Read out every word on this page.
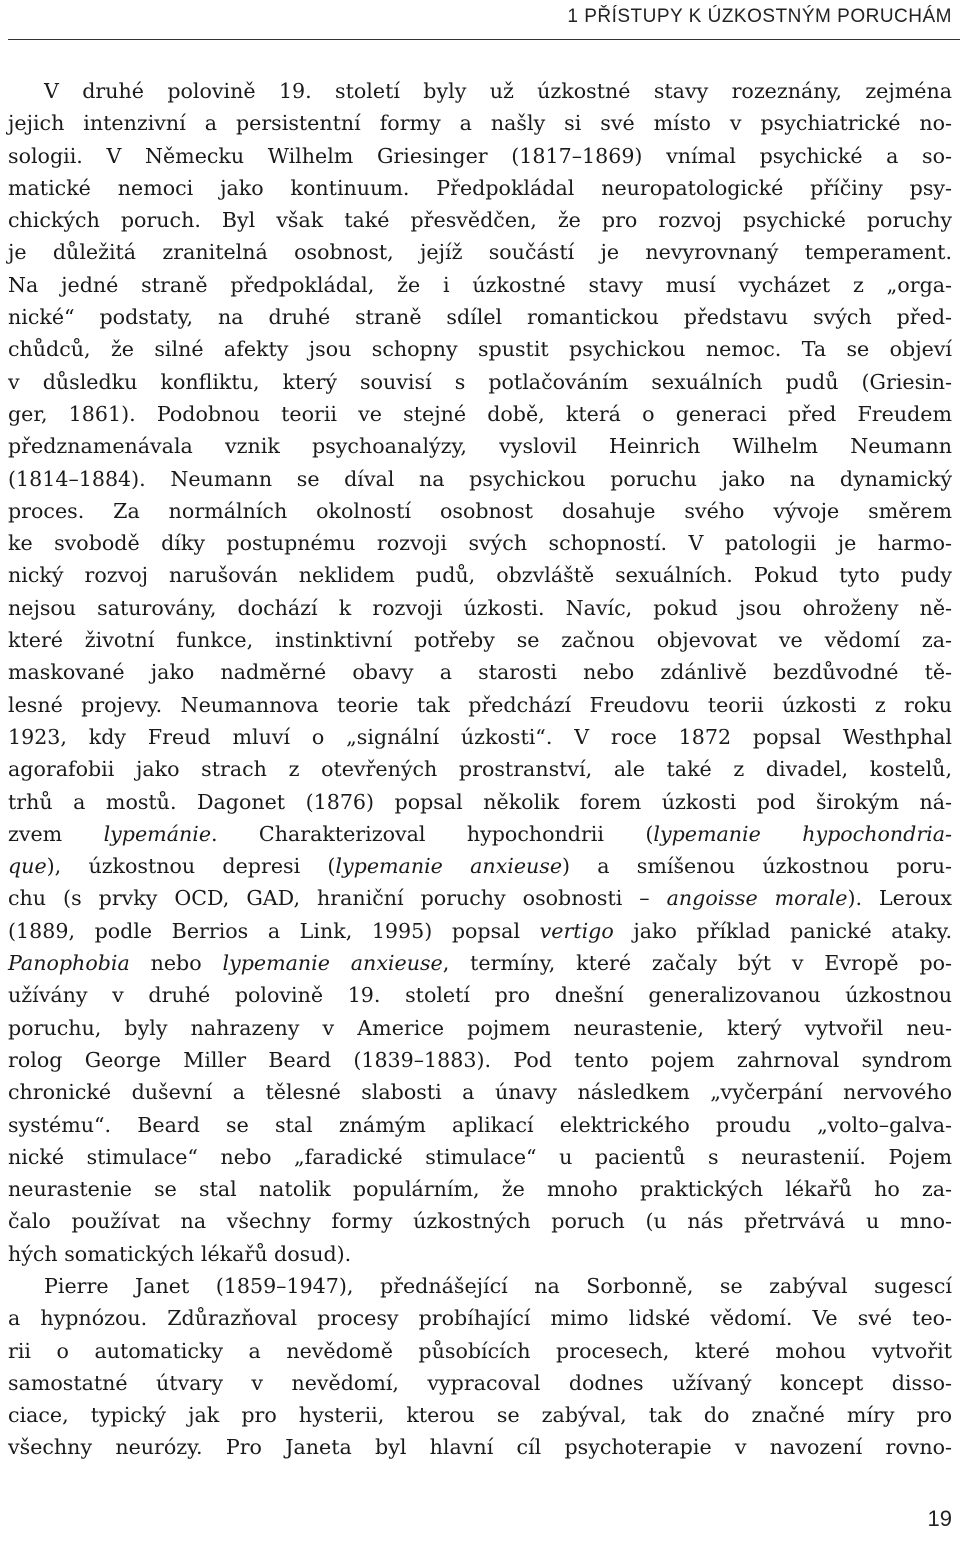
1 PŘÍSTUPY K ÚZKOSTNÝM PORUCHÁM
V druhé polovině 19. století byly už úzkostné stavy rozeznány, zejména
jejich intenzivní a persistentní formy a našly si své místo v psychiatrické no-
sologii. V Německu Wilhelm Griesinger (1817–1869) vnímal psychické a so-
matické nemoci jako kontinuum. Předpokládal neuropatologické příčiny psy-
chických poruch. Byl však také přesvědčen, že pro rozvoj psychické poruchy
je důležitá zranitelná osobnost, jejíž součástí je nevyrovnaný temperament.
Na jedné straně předpokládal, že i úzkostné stavy musí vycházet z „orga-
nické“ podstaty, na druhé straně sdílel romantickou představu svých před-
chůdců, že silné afekty jsou schopny spustit psychickou nemoc. Ta se objeví
v důsledku konfliktu, který souvisí s potlačováním sexuálních pudů (Griesin-
ger, 1861). Podobnou teorii ve stejné době, která o generaci před Freudem
předznamenávala vznik psychoanalýzy, vyslovil Heinrich Wilhelm Neumann
(1814–1884). Neumann se díval na psychickou poruchu jako na dynamický
proces. Za normálních okolností osobnost dosahuje svého vývoje směrem
ke svobodě díky postupnému rozvoji svých schopností. V patologii je harmo-
nický rozvoj narušován neklidem pudů, obzvláště sexuálních. Pokud tyto pudy
nejsou saturovány, dochází k rozvoji úzkosti. Navíc, pokud jsou ohroženy ně-
které životní funkce, instinktivní potřeby se začnou objevovat ve vědomí za-
maskované jako nadměrné obavy a starosti nebo zdánlivě bezdůvodné tě-
lesné projevy. Neumannova teorie tak předchází Freudovu teorii úzkosti z roku
1923, kdy Freud mluví o „signální úzkosti“. V roce 1872 popsal Westhphal
agorafobii jako strach z otevřených prostranství, ale také z divadel, kostelů,
trhů a mostů. Dagonet (1876) popsal několik forem úzkosti pod širokým ná-
zvem lypemánie. Charakterizoval hypochondrii (lypemanie hypochondria-
que), úzkostnou depresi (lypemanie anxieuse) a smíšenou úzkostnou poru-
chu (s prvky OCD, GAD, hraniční poruchy osobnosti – angoisse morale). Leroux
(1889, podle Berrios a Link, 1995) popsal vertigo jako příklad panické ataky.
Panophobia nebo lypemanie anxieuse, termíny, které začaly být v Evropě po-
užívány v druhé polovině 19. století pro dnešní generalizovanou úzkostnou
poruchu, byly nahrazeny v Americe pojmem neurastenie, který vytvořil neu-
rolog George Miller Beard (1839–1883). Pod tento pojem zahrnoval syndrom
chronické duševní a tělesné slabosti a únavy následkem „vyčerpání nervového
systému“. Beard se stal známým aplikací elektrického proudu „volto–galva-
nické stimulace“ nebo „faradické stimulace“ u pacientů s neurastenií. Pojem
neurastenie se stal natolik populárním, že mnoho praktických lékařů ho za-
čalo používat na všechny formy úzkostných poruch (u nás přetrvává u mno-
hých somatických lékařů dosud).
Pierre Janet (1859–1947), přednášející na Sorbonně, se zabýval sugescí
a hypnózou. Zdůrazňoval procesy probíhající mimo lidské vědomí. Ve své teo-
rii o automaticky a nevědomě působících procesech, které mohou vytvořit
samostatné útvary v nevědomí, vypracoval dodnes užívaný koncept disso-
ciace, typický jak pro hysterii, kterou se zabýval, tak do značné míry pro
všechny neurózy. Pro Janeta byl hlavní cíl psychoterapie v navození rovno-
19
